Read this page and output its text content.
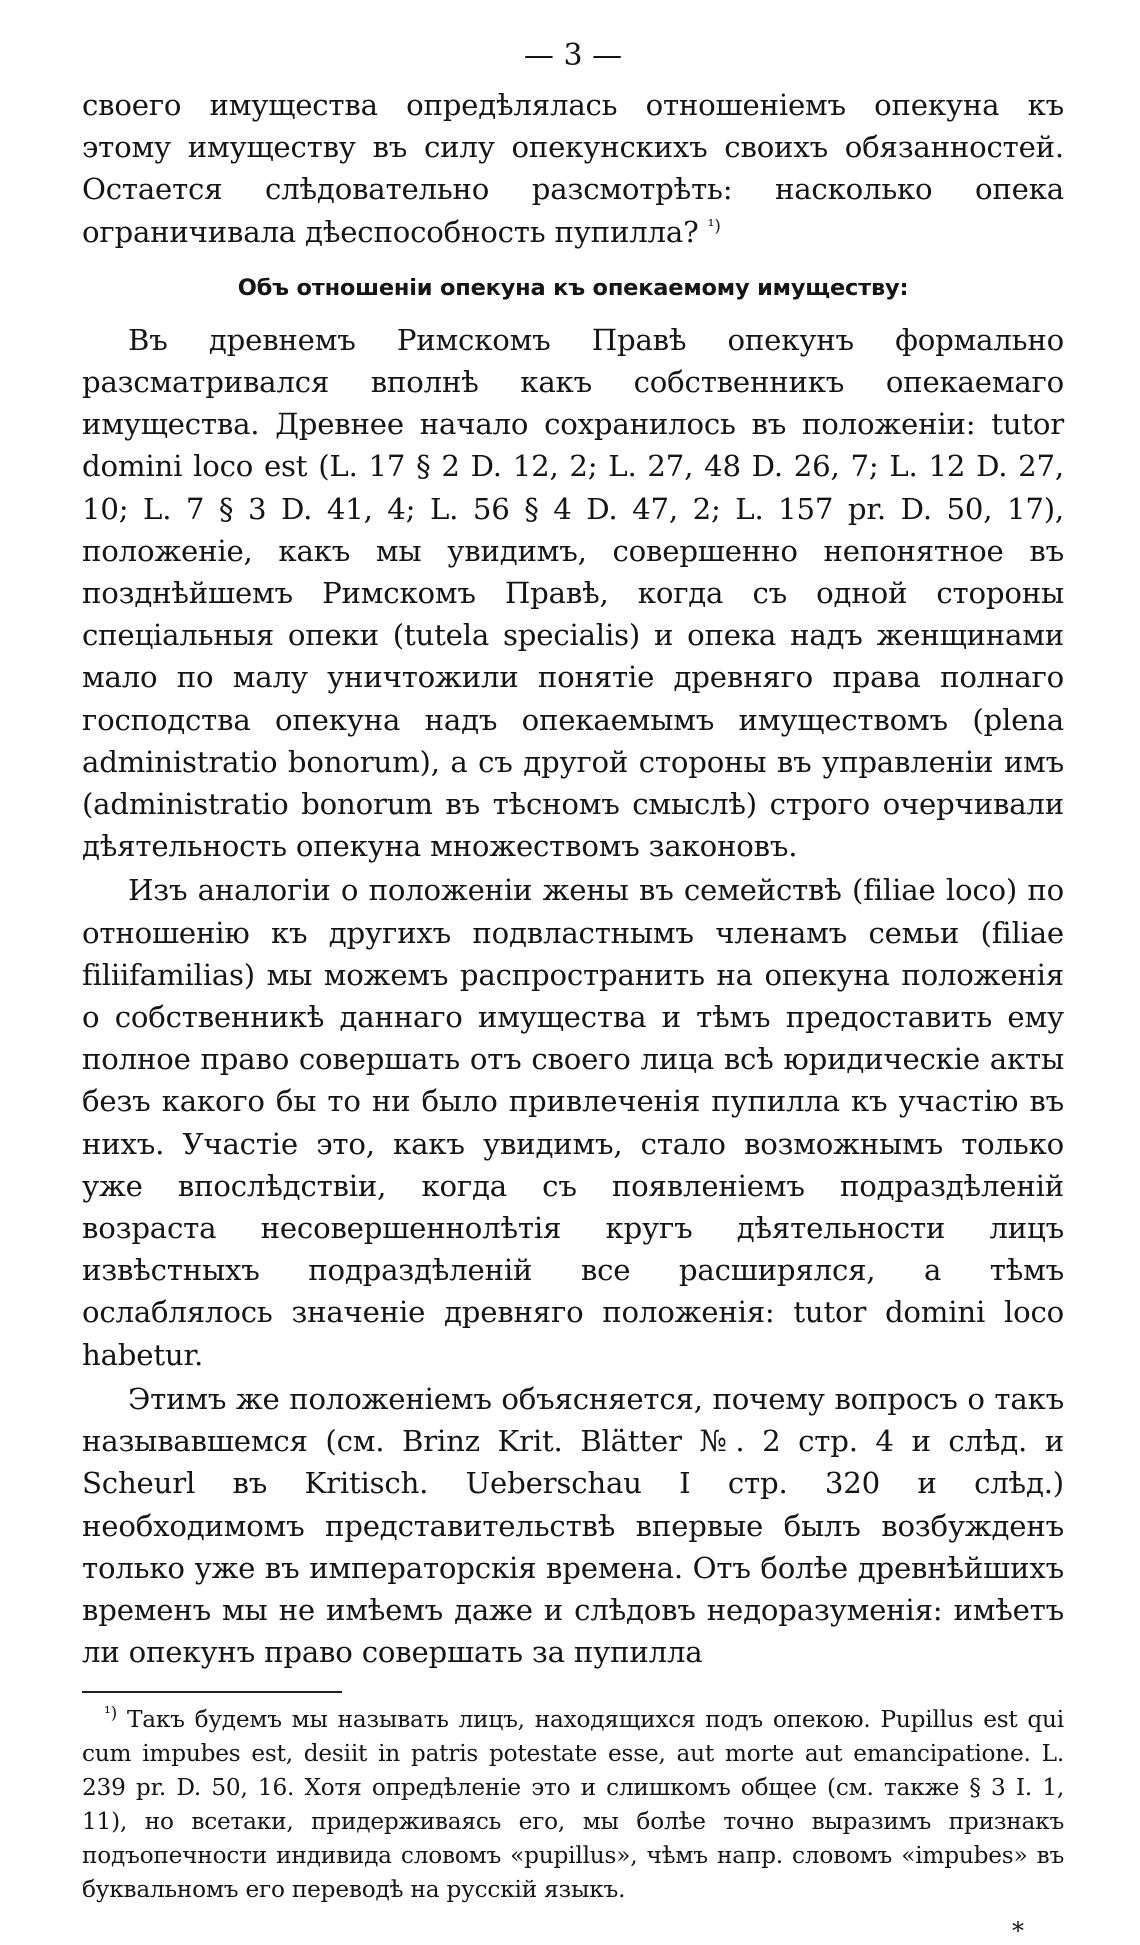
— 3 —

своего имущества опредѣлялась отношеніемъ опекуна къ этому имуществу въ силу опекунскихъ своихъ обязанностей. Остается слѣдовательно разсмотрѣть: насколько опека ограничивала дѣеспособность пупилла? $^{^1)}$

Объ отношеніи опекуна къ опекаемому имуществу:

Въ древнемъ Римскомъ Правѣ опекунъ формально разсматривался вполнѣ какъ собственникъ опекаемаго имущества. Древнее начало сохранилось въ положеніи: tutor domini loco est (L. 17 § 2 D. 12, 2; L. 27, 48 D. 26, 7; L. 12 D. 27, 10; L. 7 § 3 D. 41, 4; L. 56 § 4 D. 47, 2; L. 157 pr. D. 50, 17), положеніе, какъ мы увидимъ, совершенно непонятное въ позднѣйшемъ Римскомъ Правѣ, когда съ одной стороны спеціальныя опеки (tutela specialis) и опека надъ женщинами мало по малу уничтожили понятіе древняго права полнаго господства опекуна надъ опекаемымъ имуществомъ (plena administratio bonorum), а съ другой стороны въ управленіи имъ (administratio bonorum въ тѣсномъ смыслѣ) строго очерчивали дѣятельность опекуна множествомъ законовъ.

Изъ аналогіи о положеніи жены въ семействѣ (filiae loco) по отношенію къ другихъ подвластнымъ членамъ семьи (filiae filiifamilias) мы можемъ распространить на опекуна положенія о собственникѣ даннаго имущества и тѣмъ предоставить ему полное право совершать отъ своего лица всѣ юридическіе акты безъ какого бы то ни было привлеченія пупилла къ участію въ нихъ. Участіе это, какъ увидимъ, стало возможнымъ только уже впослѣдствіи, когда съ появленіемъ подраздѣленій возраста несовершеннолѣтія кругъ дѣятельности лицъ извѣстныхъ подраздѣленій все расширялся, а тѣмъ ослаблялось значеніе древняго положенія: tutor domini loco habetur.

Этимъ же положеніемъ объясняется, почему вопросъ о такъ называвшемся (см. Brinz Krit. Blätter №. 2 стр. 4 и слѣд. и Scheurl въ Kritisch. Ueberschau I стр. 320 и слѣд.) необходимомъ представительствѣ впервые былъ возбужденъ только уже въ императорскія времена. Отъ болѣе древнѣйшихъ временъ мы не имѣемъ даже и слѣдовъ недоразуменія: имѣетъ ли опекунъ право совершать за пупилла

$^{^1)}$ Такъ будемъ мы называть лицъ, находящихся подъ опекою. Pupillus est qui cum impubes est, desiit in patris potestate esse, aut morte aut emancipatione. L. 239 pr. D. 50, 16. Хотя опредѣленіе это и слишкомъ общее (см. также § 3 I. 1, 11), но всетаки, придерживаясь его, мы болѣе точно выразимъ признакъ подъопечности индивида словомъ «pupillus», чѣмъ напр. словомъ «impubes» въ буквальномъ его переводѣ на русскій языкъ.

*
